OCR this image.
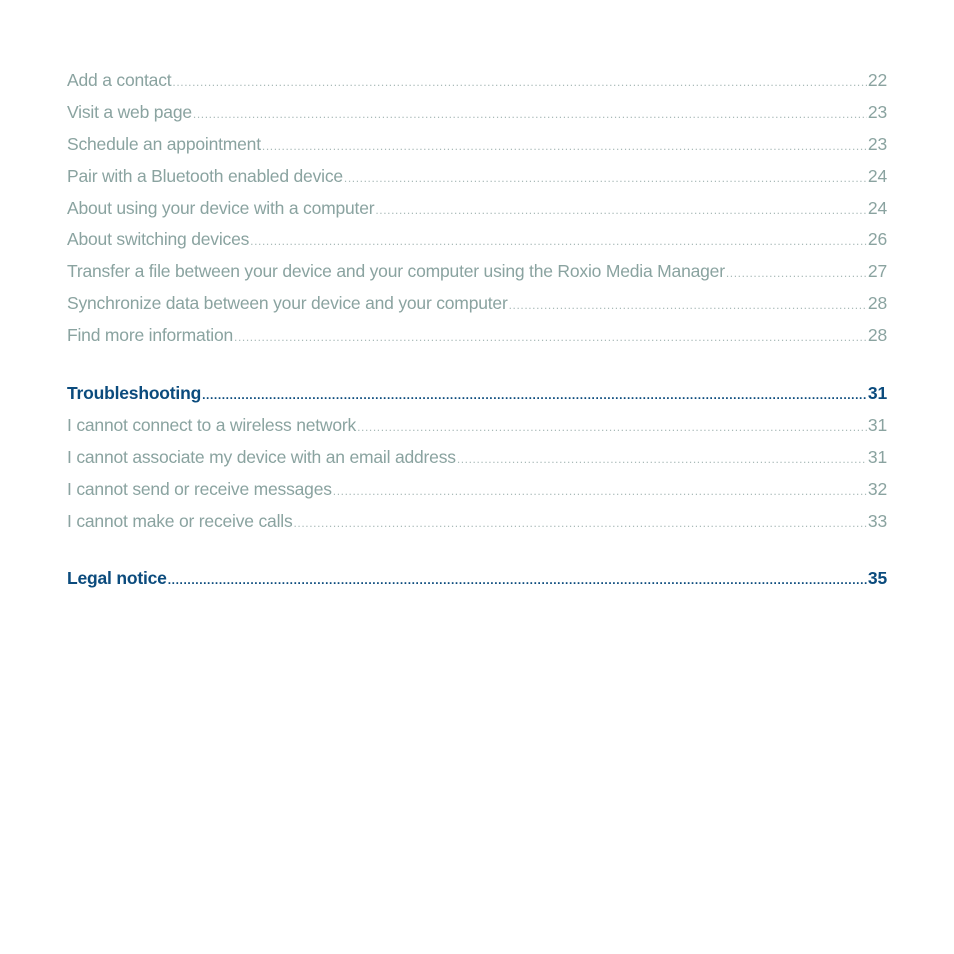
Add a contact .....	22
Visit a web page .....	23
Schedule an appointment .....	23
Pair with a Bluetooth enabled device .....	24
About using your device with a computer .....	24
About switching devices .....	26
Transfer a file between your device and your computer using the Roxio Media Manager .....	27
Synchronize data between your device and your computer .....	28
Find more information .....	28
Troubleshooting .....	31
I cannot connect to a wireless network .....	31
I cannot associate my device with an email address .....	31
I cannot send or receive messages .....	32
I cannot make or receive calls .....	33
Legal notice .....	35
